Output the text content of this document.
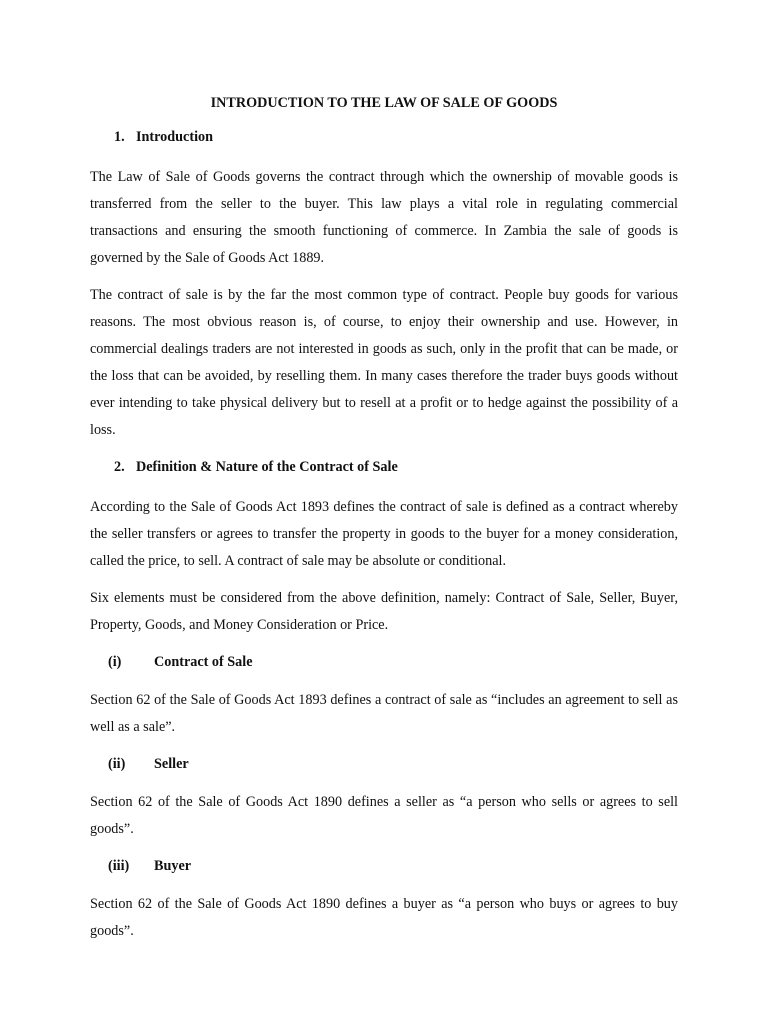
INTRODUCTION TO THE LAW OF SALE OF GOODS
1. Introduction

The Law of Sale of Goods governs the contract through which the ownership of movable goods is transferred from the seller to the buyer. This law plays a vital role in regulating commercial transactions and ensuring the smooth functioning of commerce. In Zambia the sale of goods is governed by the Sale of Goods Act 1889.

The contract of sale is by the far the most common type of contract. People buy goods for various reasons. The most obvious reason is, of course, to enjoy their ownership and use. However, in commercial dealings traders are not interested in goods as such, only in the profit that can be made, or the loss that can be avoided, by reselling them. In many cases therefore the trader buys goods without ever intending to take physical delivery but to resell at a profit or to hedge against the possibility of a loss.

2. Definition & Nature of the Contract of Sale

According to the Sale of Goods Act 1893 defines the contract of sale is defined as a contract whereby the seller transfers or agrees to transfer the property in goods to the buyer for a money consideration, called the price, to sell. A contract of sale may be absolute or conditional.

Six elements must be considered from the above definition, namely: Contract of Sale, Seller, Buyer, Property, Goods, and Money Consideration or Price.

(i)	Contract of Sale

Section 62 of the Sale of Goods Act 1893 defines a contract of sale as “includes an agreement to sell as well as a sale”.

(ii)	Seller

Section 62 of the Sale of Goods Act 1890 defines a seller as “a person who sells or agrees to sell goods”.

(iii)	Buyer

Section 62 of the Sale of Goods Act 1890 defines a buyer as “a person who buys or agrees to buy goods”.
